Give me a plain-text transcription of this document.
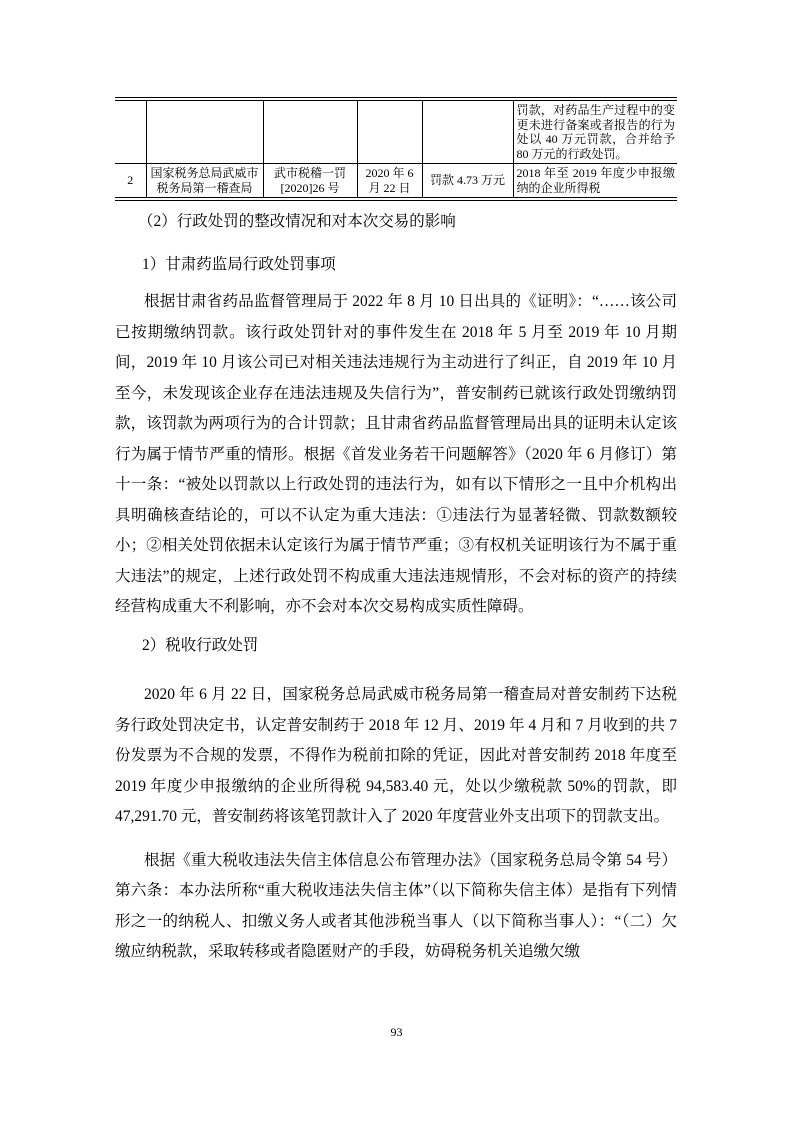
					罚款，对药品生产过程中的变更未进行备案或者报告的行为处以 40 万元罚款，合并给予 80 万元的行政处罚。
2	国家税务总局武威市税务局第一稽查局	武市税稽一罚 [2020]26 号	2020 年 6 月 22 日	罚款 4.73 万元	2018 年至 2019 年度少申报缴纳的企业所得税
（2）行政处罚的整改情况和对本次交易的影响
1）甘肃药监局行政处罚事项

根据甘肃省药品监督管理局于 2022 年 8 月 10 日出具的《证明》：“……该公司已按期缴纳罚款。该行政处罚针对的事件发生在 2018 年 5 月至 2019 年 10 月期间，2019 年 10 月该公司已对相关违法违规行为主动进行了纠正，自 2019 年 10 月至今，未发现该企业存在违法违规及失信行为”，普安制药已就该行政处罚缴纳罚款，该罚款为两项行为的合计罚款；且甘肃省药品监督管理局出具的证明未认定该行为属于情节严重的情形。根据《首发业务若干问题解答》（2020 年 6 月修订）第十一条：“被处以罚款以上行政处罚的违法行为，如有以下情形之一且中介机构出具明确核查结论的，可以不认定为重大违法：①违法行为显著轻微、罚款数额较小；②相关处罚依据未认定该行为属于情节严重；③有权机关证明该行为不属于重大违法”的规定，上述行政处罚不构成重大违法违规情形，不会对标的资产的持续经营构成重大不利影响，亦不会对本次交易构成实质性障碍。

2）税收行政处罚

2020 年 6 月 22 日，国家税务总局武威市税务局第一稽查局对普安制药下达税务行政处罚决定书，认定普安制药于 2018 年 12 月、2019 年 4 月和 7 月收到的共 7 份发票为不合规的发票，不得作为税前扣除的凭证，因此对普安制药 2018 年度至 2019 年度少申报缴纳的企业所得税 94,583.40 元，处以少缴税款 50%的罚款，即 47,291.70 元，普安制药将该笔罚款计入了 2020 年度营业外支出项下的罚款支出。

根据《重大税收违法失信主体信息公布管理办法》（国家税务总局令第 54 号）第六条：本办法所称“重大税收违法失信主体”（以下简称失信主体）是指有下列情形之一的纳税人、扣缴义务人或者其他涉税当事人（以下简称当事人）：“（二）欠缴应纳税款，采取转移或者隐匿财产的手段，妨碍税务机关追缴欠缴

93
